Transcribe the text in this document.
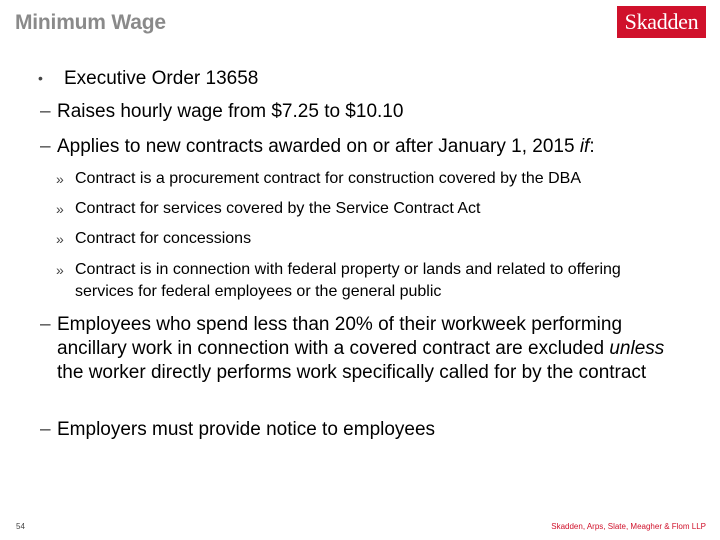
Minimum Wage	Skadden
• Executive Order 13658
– Raises hourly wage from $7.25 to $10.10
– Applies to new contracts awarded on or after January 1, 2015 if:
» Contract is a procurement contract for construction covered by the DBA
» Contract for services covered by the Service Contract Act
» Contract for concessions
» Contract is in connection with federal property or lands and related to offering services for federal employees or the general public
– Employees who spend less than 20% of their workweek performing ancillary work in connection with a covered contract are excluded unless the worker directly performs work specifically called for by the contract
– Employers must provide notice to employees
54	Skadden, Arps, Slate, Meagher & Flom LLP
